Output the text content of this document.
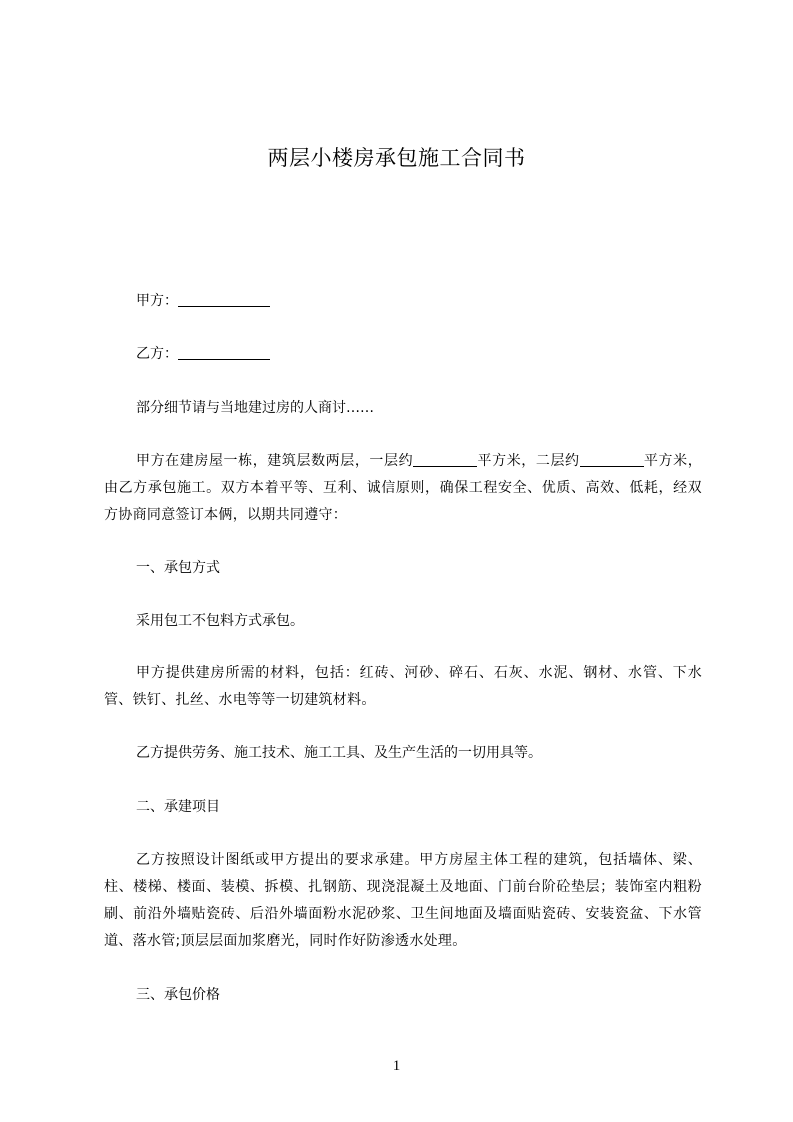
两层小楼房承包施工合同书
甲方：
乙方：
部分细节请与当地建过房的人商讨……
甲方在建房屋一栋，建筑层数两层，一层约	平方米，二层约	平方米，由乙方承包施工。双方本着平等、互利、诚信原则，确保工程安全、优质、高效、低耗，经双方协商同意签订本俩，以期共同遵守：
一、承包方式
采用包工不包料方式承包。
甲方提供建房所需的材料，包括：红砖、河砂、碎石、石灰、水泥、钢材、水管、下水管、铁钉、扎丝、水电等等一切建筑材料。
乙方提供劳务、施工技术、施工工具、及生产生活的一切用具等。
二、承建项目
乙方按照设计图纸或甲方提出的要求承建。甲方房屋主体工程的建筑，包括墙体、梁、柱、楼梯、楼面、装模、拆模、扎钢筋、现浇混凝土及地面、门前台阶砼垫层；装饰室内粗粉刷、前沿外墙贴瓷砖、后沿外墙面粉水泥砂浆、卫生间地面及墙面贴瓷砖、安装瓷盆、下水管道、落水管;顶层层面加浆磨光，同时作好防渗透水处理。
三、承包价格
1
